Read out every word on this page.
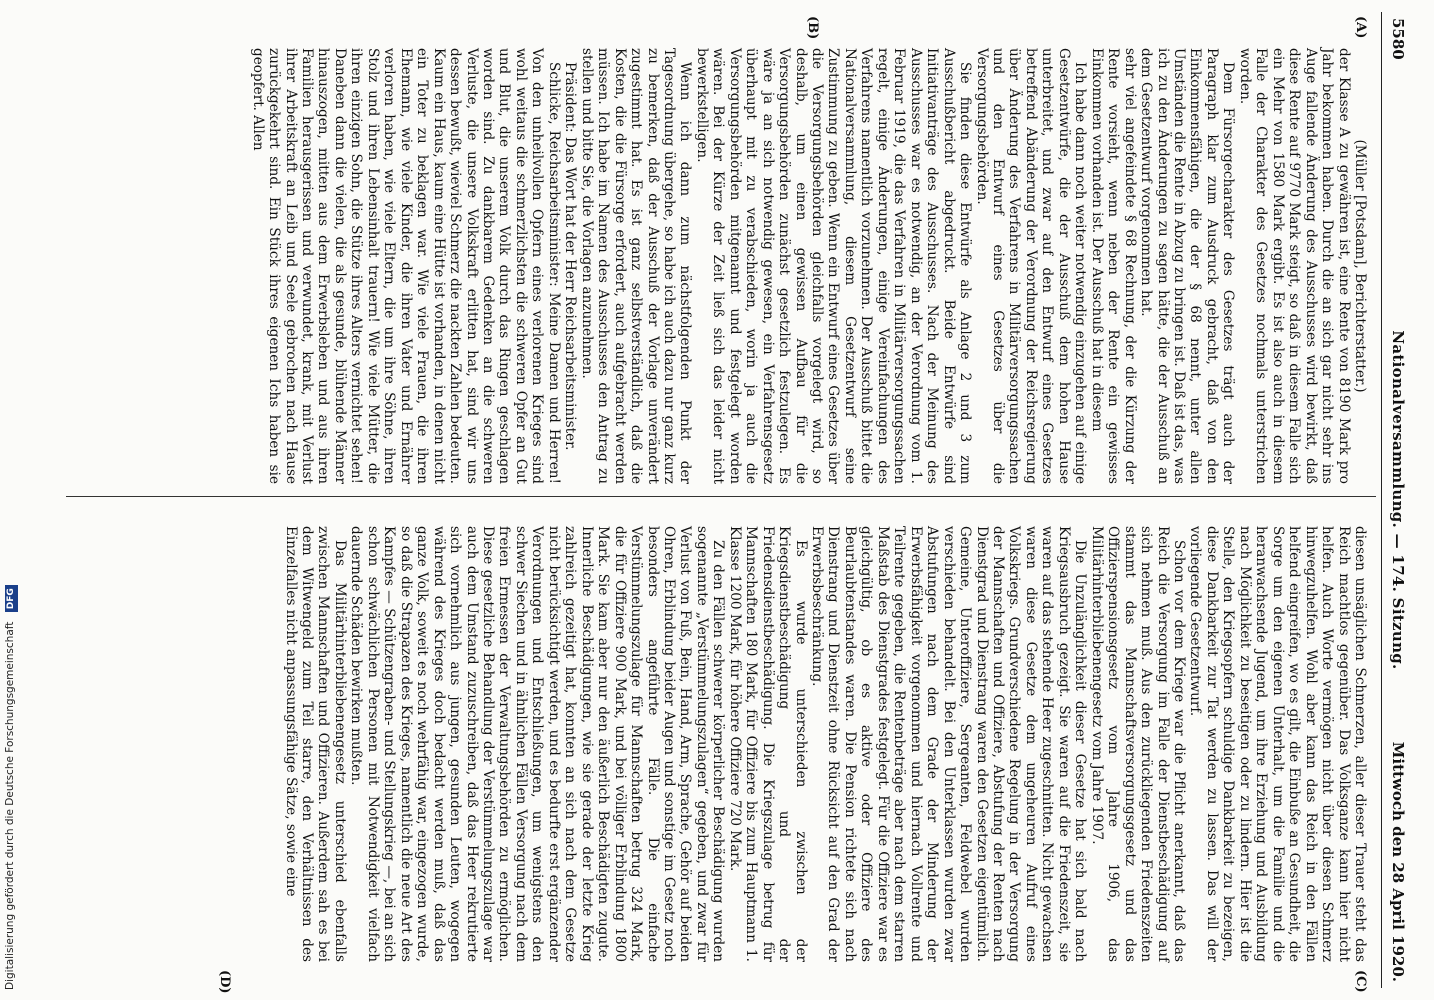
5580
Nationalversammlung. — 174. Sitzung.
Mittwoch den 28 April 1920.
(A)
(B)
(C)
(D)

(Müller [Potsdam], Berichterstatter.)

der Klasse A zu gewähren ist, eine Rente von 8190 Mark pro Jahr bekommen haben. Durch die an sich gar nicht sehr ins Auge fallende Änderung des Ausschusses wird bewirkt, daß diese Rente auf 9770 Mark steigt, so daß in diesem Falle sich ein Mehr von 1580 Mark ergibt. Es ist also auch in diesem Falle der Charakter des Gesetzes nochmals unterstrichen worden.

Dem Fürsorgecharakter des Gesetzes trägt auch der Paragraph klar zum Ausdruck gebracht, daß von den Einkommensfähigen, die der § 68 nennt, unter allen Umständen die Rente in Abzug zu bringen ist. Daß ist das, was ich zu den Änderungen zu sagen hätte, die der Ausschuß an dem Gesetzentwurf vorgenommen hat.

sehr viel angefeindete § 68 Rechnung, der die Kürzung der Rente vorsieht, wenn neben der Rente ein gewisses Einkommen vorhanden ist. Der Ausschuß hat in diesem

Ich habe dann noch weiter notwendig einzugehen auf einige Gesetzentwürfe, die der Ausschuß dem hohen Hause unterbreitet, und zwar auf den Entwurf eines Gesetzes betreffend Abänderung der Verordnung der Reichsregierung über Änderung des Verfahrens in Militärversorgungssachen und den Entwurf eines Gesetzes über die Versorgungsbehörden.

Sie finden diese Entwürfe als Anlage 2 und 3 zum Ausschußbericht abgedruckt. Beide Entwürfe sind Initiativanträge des Ausschusses. Nach der Meinung des Ausschusses war es notwendig, an der Verordnung vom 1. Februar 1919, die das Verfahren in Militärversorgungssachen regelt, einige Änderungen, einige Vereinfachungen des Verfahrens namentlich vorzunehmen. Der Ausschuß bittet die Nationalversammlung, diesem Gesetzentwurf seine Zustimmung zu geben. Wenn ein Entwurf eines Gesetzes über die Versorgungsbehörden gleichfalls vorgelegt wird, so deshalb, um einen gewissen Aufbau für die Versorgungsbehörden zunächst gesetzlich festzulegen. Es wäre ja an sich notwendig gewesen, ein Verfahrensgesetz überhaupt mit zu verabschieden, worin ja auch die Versorgungsbehörden mitgenannt und festgelegt worden wären. Bei der Kürze der Zeit ließ sich das leider nicht bewerkstelligen.

Wenn ich dann zum nächstfolgenden Punkt der Tagesordnung übergehe, so habe ich auch dazu nur ganz kurz zu bemerken, daß der Ausschuß der Vorlage unverändert zugestimmt hat. Es ist ganz selbstverständlich, daß die Kosten, die die Fürsorge erfordert, auch aufgebracht werden müssen. Ich habe im Namen des Ausschusses den Antrag zu stellen und bitte Sie, die Vorlagen anzunehmen.

Präsident: Das Wort hat der Herr Reichsarbeitsminister.

Schlicke, Reichsarbeitsminister: Meine Damen und Herren! Von den unheilvollen Opfern eines verlorenen Krieges sind wohl weitaus die schmerzlichsten die schweren Opfer an Gut und Blut, die unserem Volk durch das Ringen geschlagen worden sind. Zu dankbarem Gedenken an die schweren Verluste, die unsere Volkskraft erlitten hat, sind wir uns dessen bewußt, wieviel Schmerz die nackten Zahlen bedeuten. Kaum ein Haus, kaum eine Hütte ist vorhanden, in denen nicht ein Toter zu beklagen war. Wie viele Frauen, die ihren Ehemann, wie viele Kinder, die ihren Vater und Ernährer verloren haben, wie viele Eltern, die um ihre Söhne, ihren Stolz und ihren Lebensinhalt trauern! Wie viele Mütter, die ihren einzigen Sohn, die Stütze ihres Alters vernichtet sehen! Daneben dann die vielen, die als gesunde, blühende Männer hinauszogen, mitten aus dem Erwerbsleben und aus ihren Familien herausgerissen und verwundet, krank, mit Verlust ihrer Arbeitskraft an Leib und Seele gebrochen nach Hause zurückgekehrt sind. Ein Stück ihres eigenen Ichs haben sie geopfert. Allen

diesen unsäglichen Schmerzen, aller dieser Trauer steht das Reich machtlos gegenüber. Das Volksganze kann hier nicht helfen. Auch Worte vermögen nicht über diesen Schmerz hinwegzuhelfen. Wohl aber kann das Reich in den Fällen helfend eingreifen, wo es gilt, die Einbuße an Gesundheit, die Sorge um den eigenen Unterhalt, um die Familie und die heranwachsende Jugend, um ihre Erziehung und Ausbildung nach Möglichkeit zu beseitigen oder zu lindern. Hier ist die Stelle, den Kriegsopfern schuldige Dankbarkeit zu bezeigen, diese Dankbarkeit zur Tat werden zu lassen. Das will der vorliegende Gesetzentwurf.

Schon vor dem Kriege war die Pflicht anerkannt, daß das Reich die Versorgung im Falle der Dienstbeschädigung auf sich nehmen muß. Aus den zurückliegenden Friedenszeiten stammt das Mannschaftsversorgungsgesetz und das Offizierspensionsgesetz vom Jahre 1906, das Militärhinterbliebenengesetz vom Jahre 1907.

Die Unzulänglichkeit dieser Gesetze hat sich bald nach Kriegsausbruch gezeigt. Sie waren auf die Friedenszeit, sie waren auf das stehende Heer zugeschnitten. Nicht gewachsen waren diese Gesetze dem ungeheuren Aufruf eines Volkskriegs. Grundverschiedene Regelung in der Versorgung der Mannschaften und Offiziere, Abstufung der Renten nach Dienstgrad und Dienstrang waren den Gesetzen eigentümlich. Gemeine, Unteroffiziere, Sergeanten, Feldwebel wurden verschieden behandelt. Bei den Unterklassen wurden zwar Abstufungen nach dem Grade der Minderung der Erwerbsfähigkeit vorgenommen und hiernach Vollrente und Teilrente gegeben, die Rentenbeträge aber nach dem starren Maßstab des Dienstgrades festgelegt. Für die Offiziere war es gleichgültig, ob es aktive oder Offiziere des Beurlaubtenstandes waren. Die Pension richtete sich nach Dienstrang und Dienstzeit ohne Rücksicht auf den Grad der Erwerbsbeschränkung.

Es wurde unterschieden zwischen der Kriegsdienstbeschädigung und der Friedensdienstbeschädigung. Die Kriegszulage betrug für Mannschaften 180 Mark, für Offiziere bis zum Hauptmann 1. Klasse 1200 Mark, für höhere Offiziere 720 Mark.

Zu den Fällen schwerer körperlicher Beschädigung wurden sogenannte „Verstümmelungszulagen“ gegeben, und zwar für Verlust von Fuß, Bein, Hand, Arm, Sprache, Gehör auf beiden Ohren, Erblindung beider Augen und sonstige im Gesetz noch besonders angeführte Fälle. Die einfache Verstümmelungszulage für Mannschaften betrug 324 Mark, die für Offiziere 900 Mark, und bei völliger Erblindung 1800 Mark. Sie kam aber nur den äußerlich Beschädigten zugute. Innerliche Beschädigungen, wie sie gerade der letzte Krieg zahlreich gezeitigt hat, konnten an sich nach dem Gesetze nicht berücksichtigt werden, und es bedurfte erst ergänzender Verordnungen und Entschließungen, um wenigstens den schwer Siechen und in ähnlichen Fällen Versorgung nach dem freien Ermessen der Verwaltungsbehörden zu ermöglichen. Diese gesetzliche Behandlung der Verstümmelungszulage war auch dem Umstand zuzuschreiben, daß das Heer rekrutierte sich vornehmlich aus jungen, gesunden Leuten, wogegen während des Krieges doch bedacht werden muß, daß das ganze Volk, soweit es noch wehrfähig war, eingezogen wurde, so daß die Strapazen des Krieges, namentlich die neue Art des Kampfes — Schützengraben- und Stellungskrieg —, bei an sich schon schwächlichen Personen mit Notwendigkeit vielfach dauernde Schäden bewirken mußten.

Das Militärhinterbliebenengesetz unterschied ebenfalls zwischen Mannschaften und Offizieren. Außerdem sah es bei dem Witwengeld zum Teil starre, den Verhältnissen des Einzelfalles nicht anpassungsfähige Sätze, sowie eine

Digitalisierung gefördert durch die Deutsche Forschungsgemeinschaft DFG
